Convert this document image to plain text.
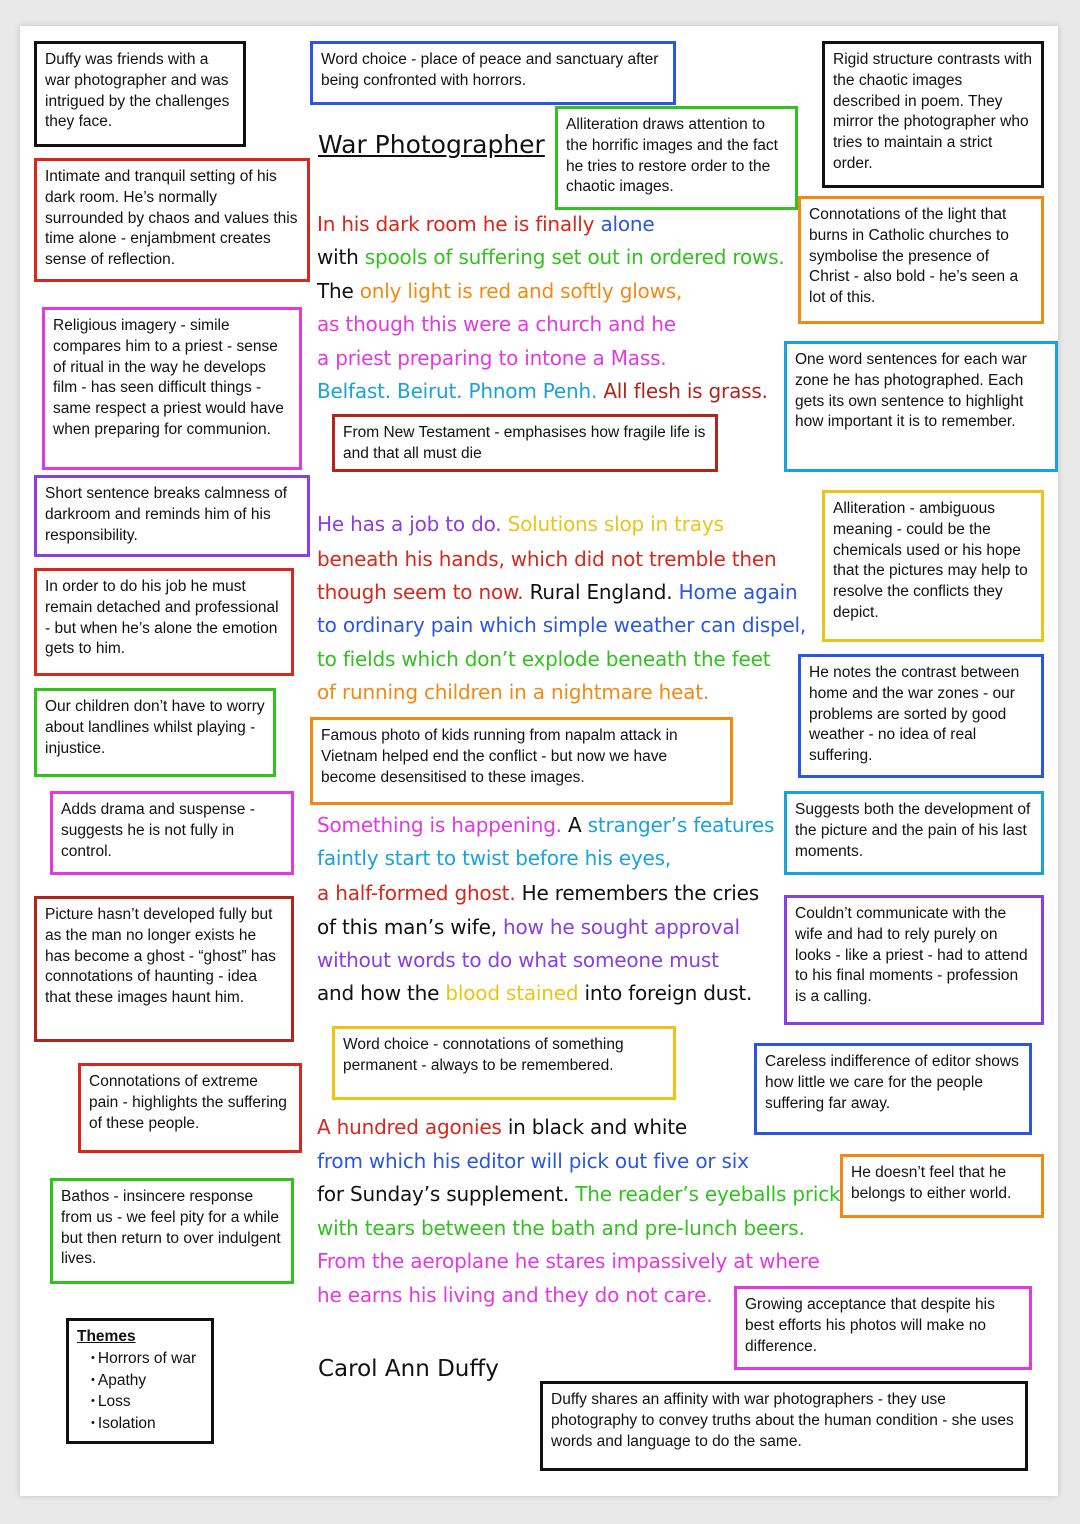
Duffy was friends with a war photographer and was intrigued by the challenges they face.
Intimate and tranquil setting of his dark room. He’s normally surrounded by chaos and values this time alone - enjambment creates sense of reflection.
Religious imagery - simile compares him to a priest - sense of ritual in the way he develops film - has seen difficult things - same respect a priest would have when preparing for communion.
Short sentence breaks calmness of darkroom and reminds him of his responsibility.
In order to do his job he must remain detached and professional - but when he’s alone the emotion gets to him.
Our children don’t have to worry about landlines whilst playing - injustice.
Adds drama and suspense - suggests he is not fully in control.
Picture hasn’t developed fully but as the man no longer exists he has become a ghost - “ghost” has connotations of haunting - idea that these images haunt him.
Connotations of extreme pain - highlights the suffering of these people.
Bathos - insincere response from us - we feel pity for a while but then return to over indulgent lives.
Themes
• Horrors of war
• Apathy
• Loss
• Isolation
Word choice - place of peace and sanctuary after being confronted with horrors.
Alliteration draws attention to the horrific images and the fact he tries to restore order to the chaotic images.
From New Testament - emphasises how fragile life is and that all must die
Famous photo of kids running from napalm attack in Vietnam helped end the conflict - but now we have become desensitised to these images.
Word choice - connotations of something permanent - always to be remembered.
Duffy shares an affinity with war photographers - they use photography to convey truths about the human condition - she uses words and language to do the same.
Rigid structure contrasts with the chaotic images described in poem. They mirror the photographer who tries to maintain a strict order.
Connotations of the light that burns in Catholic churches to symbolise the presence of Christ - also bold - he’s seen a lot of this.
One word sentences for each war zone he has photographed. Each gets its own sentence to highlight how important it is to remember.
Alliteration - ambiguous meaning - could be the chemicals used or his hope that the pictures may help to resolve the conflicts they depict.
He notes the contrast between home and the war zones - our problems are sorted by good weather - no idea of real suffering.
Suggests both the development of the picture and the pain of his last moments.
Couldn’t communicate with the wife and had to rely purely on looks - like a priest - had to attend to his final moments - profession is a calling.
Careless indifference of editor shows how little we care for the people suffering far away.
He doesn’t feel that he belongs to either world.
Growing acceptance that despite his best efforts his photos will make no difference.
War Photographer
Carol Ann Duffy
In his dark room he is finally alone
with spools of suffering set out in ordered rows.
The only light is red and softly glows,
as though this were a church and he
a priest preparing to intone a Mass.
Belfast. Beirut. Phnom Penh. All flesh is grass.
He has a job to do. Solutions slop in trays
beneath his hands, which did not tremble then
though seem to now. Rural England. Home again
to ordinary pain which simple weather can dispel,
to fields which don’t explode beneath the feet
of running children in a nightmare heat.
Something is happening. A stranger’s features
faintly start to twist before his eyes,
a half-formed ghost. He remembers the cries
of this man’s wife, how he sought approval
without words to do what someone must
and how the blood stained into foreign dust.
A hundred agonies in black and white
from which his editor will pick out five or six
for Sunday’s supplement. The reader’s eyeballs prick
with tears between the bath and pre-lunch beers.
From the aeroplane he stares impassively at where
he earns his living and they do not care.
